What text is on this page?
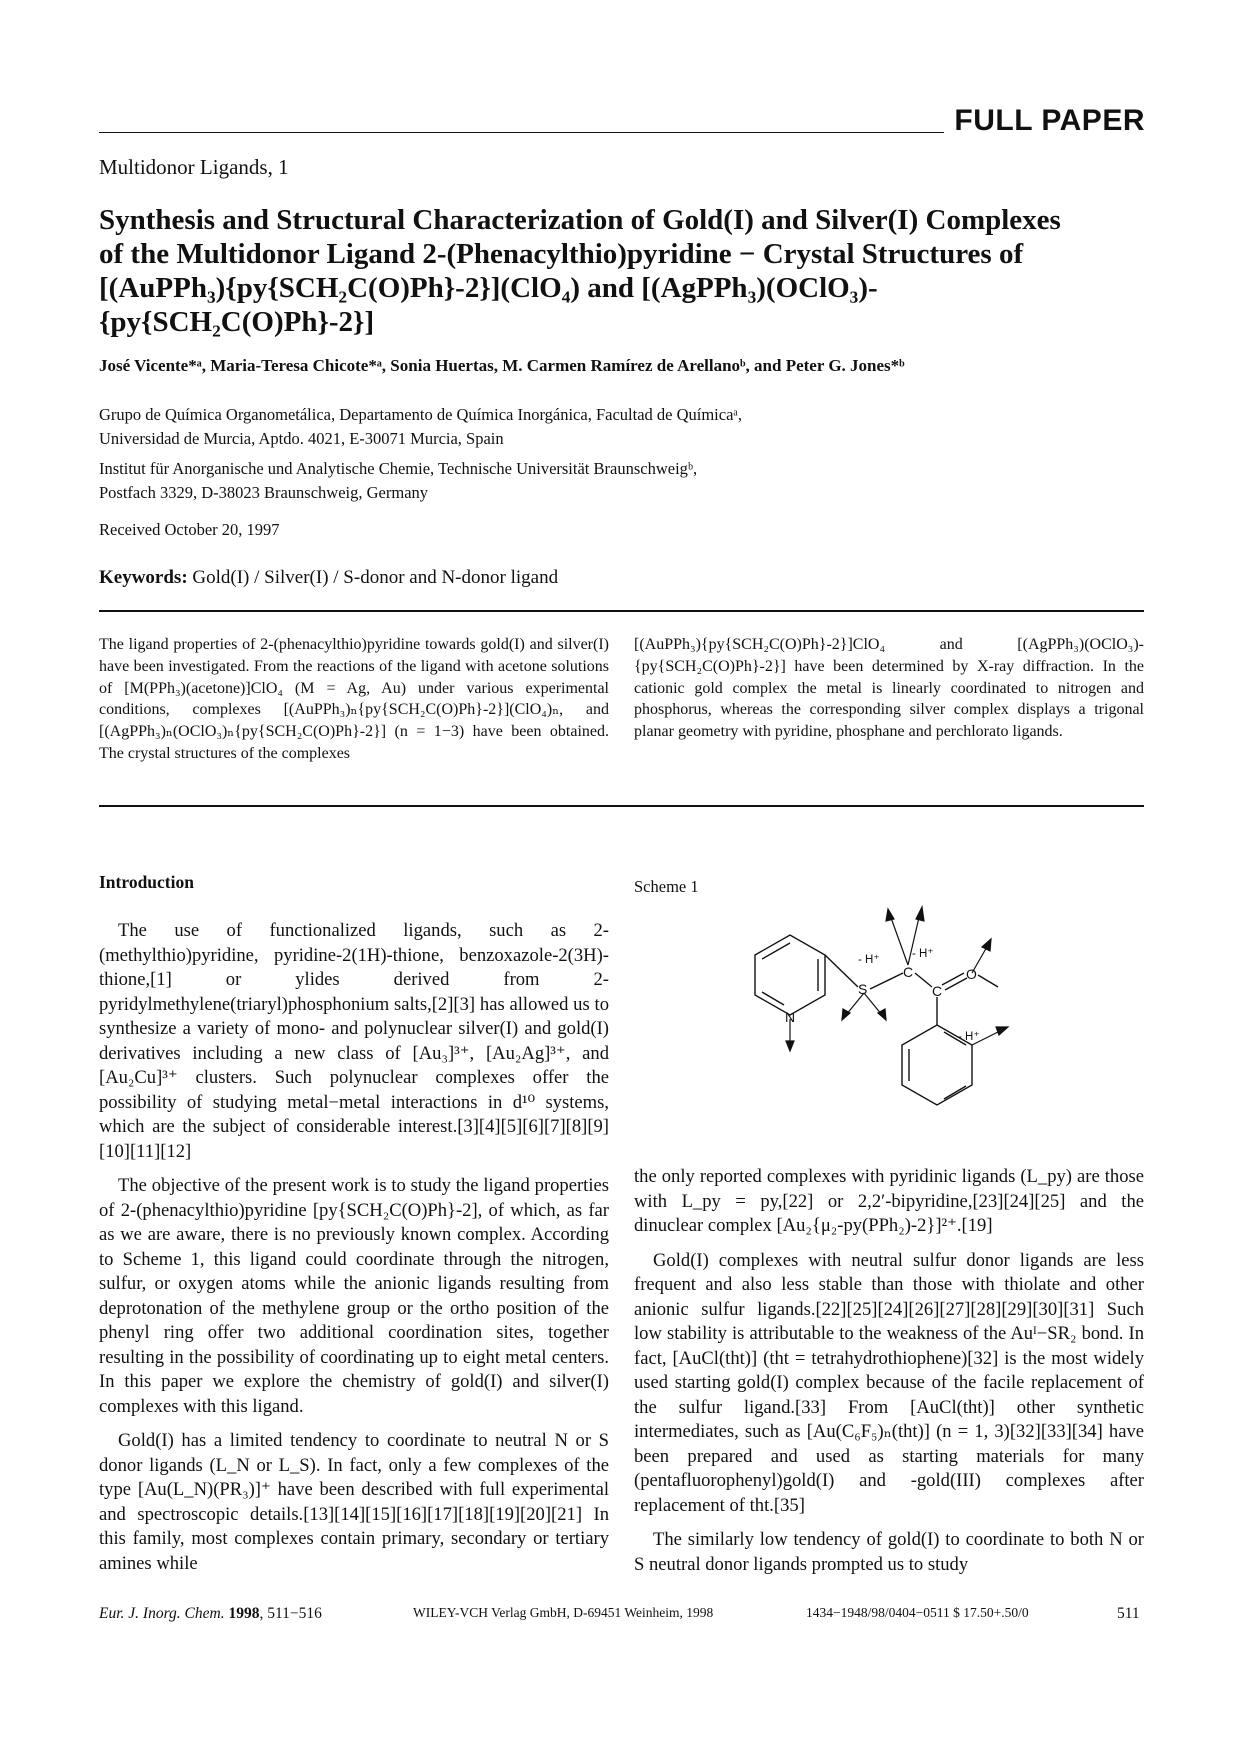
FULL PAPER
Multidonor Ligands, 1
Synthesis and Structural Characterization of Gold(I) and Silver(I) Complexes
of the Multidonor Ligand 2-(Phenacylthio)pyridine − Crystal Structures of
[(AuPPh₃){py{SCH₂C(O)Ph}-2}](ClO₄) and [(AgPPh₃)(OClO₃)-
{py{SCH₂C(O)Ph}-2}]
José Vicente*ᵃ, Maria-Teresa Chicote*ᵃ, Sonia Huertas, M. Carmen Ramírez de Arellanoᵇ, and Peter G. Jones*ᵇ
Grupo de Química Organometálica, Departamento de Química Inorgánica, Facultad de Químicaᵃ,
Universidad de Murcia, Aptdo. 4021, E-30071 Murcia, Spain
Institut für Anorganische und Analytische Chemie, Technische Universität Braunschweigᵇ,
Postfach 3329, D-38023 Braunschweig, Germany
Received October 20, 1997
Keywords: Gold(I) / Silver(I) / S-donor and N-donor ligand
The ligand properties of 2-(phenacylthio)pyridine towards gold(I) and silver(I) have been investigated. From the reactions of the ligand with acetone solutions of [M(PPh₃)(acetone)]ClO₄ (M = Ag, Au) under various experimental conditions, complexes [(AuPPh₃)ₙ{py{SCH₂C(O)Ph}-2}](ClO₄)ₙ, and [(AgPPh₃)ₙ(OClO₃)ₙ{py{SCH₂C(O)Ph}-2}] (n = 1−3) have been obtained. The crystal structures of the complexes
[(AuPPh₃){py{SCH₂C(O)Ph}-2}]ClO₄ and [(AgPPh₃)(OClO₃)-{py{SCH₂C(O)Ph}-2}] have been determined by X-ray diffraction. In the cationic gold complex the metal is linearly coordinated to nitrogen and phosphorus, whereas the corresponding silver complex displays a trigonal planar geometry with pyridine, phosphane and perchlorato ligands.
Introduction	Scheme 1

The use of functionalized ligands, such as 2-(methylthio)pyridine, pyridine-2(1H)-thione, benzoxazole-2(3H)-thione,[1] or ylides derived from 2-pyridylmethylene(triaryl)phosphonium salts,[2][3] has allowed us to synthesize a variety of mono- and polynuclear silver(I) and gold(I) derivatives including a new class of [Au₃]³⁺, [Au₂Ag]³⁺, and [Au₂Cu]³⁺ clusters. Such polynuclear complexes offer the possibility of studying metal−metal interactions in d¹⁰ systems, which are the subject of considerable interest.[3][4][5][6][7][8][9][10][11][12]

The objective of the present work is to study the ligand properties of 2-(phenacylthio)pyridine [py{SCH₂C(O)Ph}-2], of which, as far as we are aware, there is no previously known complex. According to Scheme 1, this ligand could coordinate through the nitrogen, sulfur, or oxygen atoms while the anionic ligands resulting from deprotonation of the methylene group or the ortho position of the phenyl ring offer two additional coordination sites, together resulting in the possibility of coordinating up to eight metal centers. In this paper we explore the chemistry of gold(I) and silver(I) complexes with this ligand.

Gold(I) has a limited tendency to coordinate to neutral N or S donor ligands (L_N or L_S). In fact, only a few complexes of the type [Au(L_N)(PR₃)]⁺ have been described with full experimental and spectroscopic details.[13][14][15][16][17][18][19][20][21] In this family, most complexes contain primary, secondary or tertiary amines while

the only reported complexes with pyridinic ligands (L_py) are those with L_py = py,[22] or 2,2′-bipyridine,[23][24][25] and the dinuclear complex [Au₂{μ₂-py(PPh₂)-2}]²⁺.[19]

Gold(I) complexes with neutral sulfur donor ligands are less frequent and also less stable than those with thiolate and other anionic sulfur ligands.[22][25][24][26][27][28][29][30][31] Such low stability is attributable to the weakness of the Auᴵ−SR₂ bond. In fact, [AuCl(tht)] (tht = tetrahydrothiophene)[32] is the most widely used starting gold(I) complex because of the facile replacement of the sulfur ligand.[33] From [AuCl(tht)] other synthetic intermediates, such as [Au(C₆F₅)ₙ(tht)] (n = 1, 3)[32][33][34] have been prepared and used as starting materials for many (pentafluorophenyl)gold(I) and -gold(III) complexes after replacement of tht.[35]

The similarly low tendency of gold(I) to coordinate to both N or S neutral donor ligands prompted us to study

N
S
C
C
O
- H⁺	- H⁺
- H⁺
Eur. J. Inorg. Chem. 1998, 511−516	WILEY-VCH Verlag GmbH, D-69451 Weinheim, 1998	1434−1948/98/0404−0511 $ 17.50+.50/0	511
